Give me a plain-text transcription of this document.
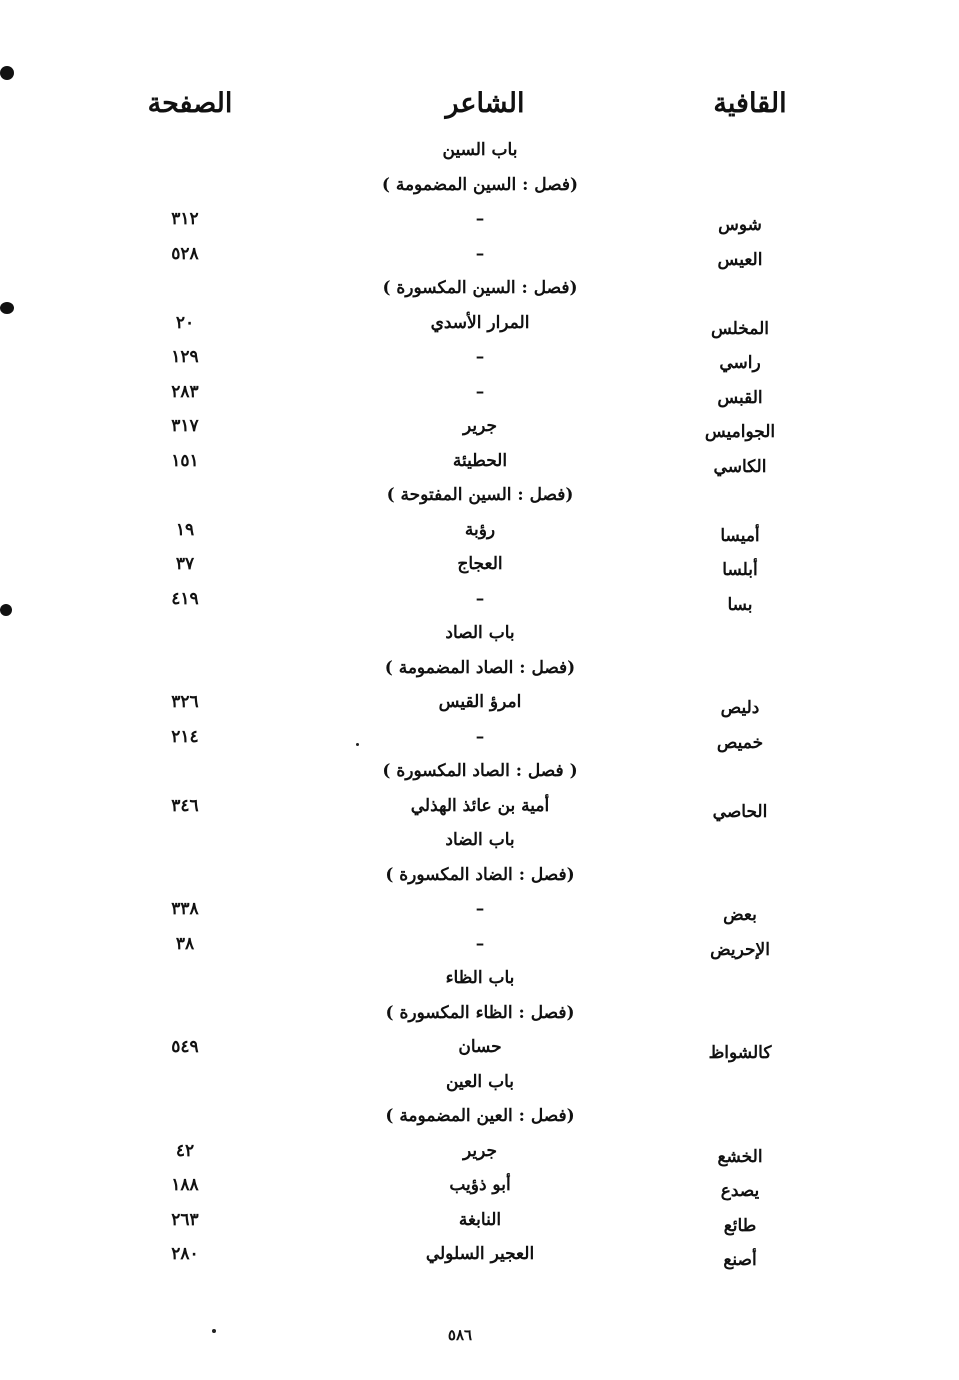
القافية
الشاعر
الصفحة
باب السين
(فصل : السين المضمومة )
شوس
–
٣١٢
العيس
–
٥٢٨
(فصل : السين المكسورة )
المخلس
المرار الأسدي
٢٠
راسي
–
١٢٩
القبس
–
٢٨٣
الجواميس
جرير
٣١٧
الكاسي
الحطيئة
١٥١
(فصل : السين المفتوحة )
أميسا
رؤبة
١٩
أبلسا
العجاج
٣٧
بسا
–
٤١٩
باب الصاد
(فصل : الصاد المضمومة )
دليص
امرؤ القيس
٣٢٦
خميص
–
٢١٤
( فصل : الصاد المكسورة )
الحاصي
أمية بن عائذ الهذلي
٣٤٦
باب الضاد
(فصل : الضاد المكسورة )
بعض
–
٣٣٨
الإحريض
–
٣٨
باب الظاء
(فصل : الظاء المكسورة )
كالشواظ
حسان
٥٤٩
باب العين
(فصل : العين المضمومة )
الخشع
جرير
٤٢
يصدع
أبو ذؤيب
١٨٨
طائع
النابغة
٢٦٣
أصنع
العجير السلولي
٢٨٠
٥٨٦
